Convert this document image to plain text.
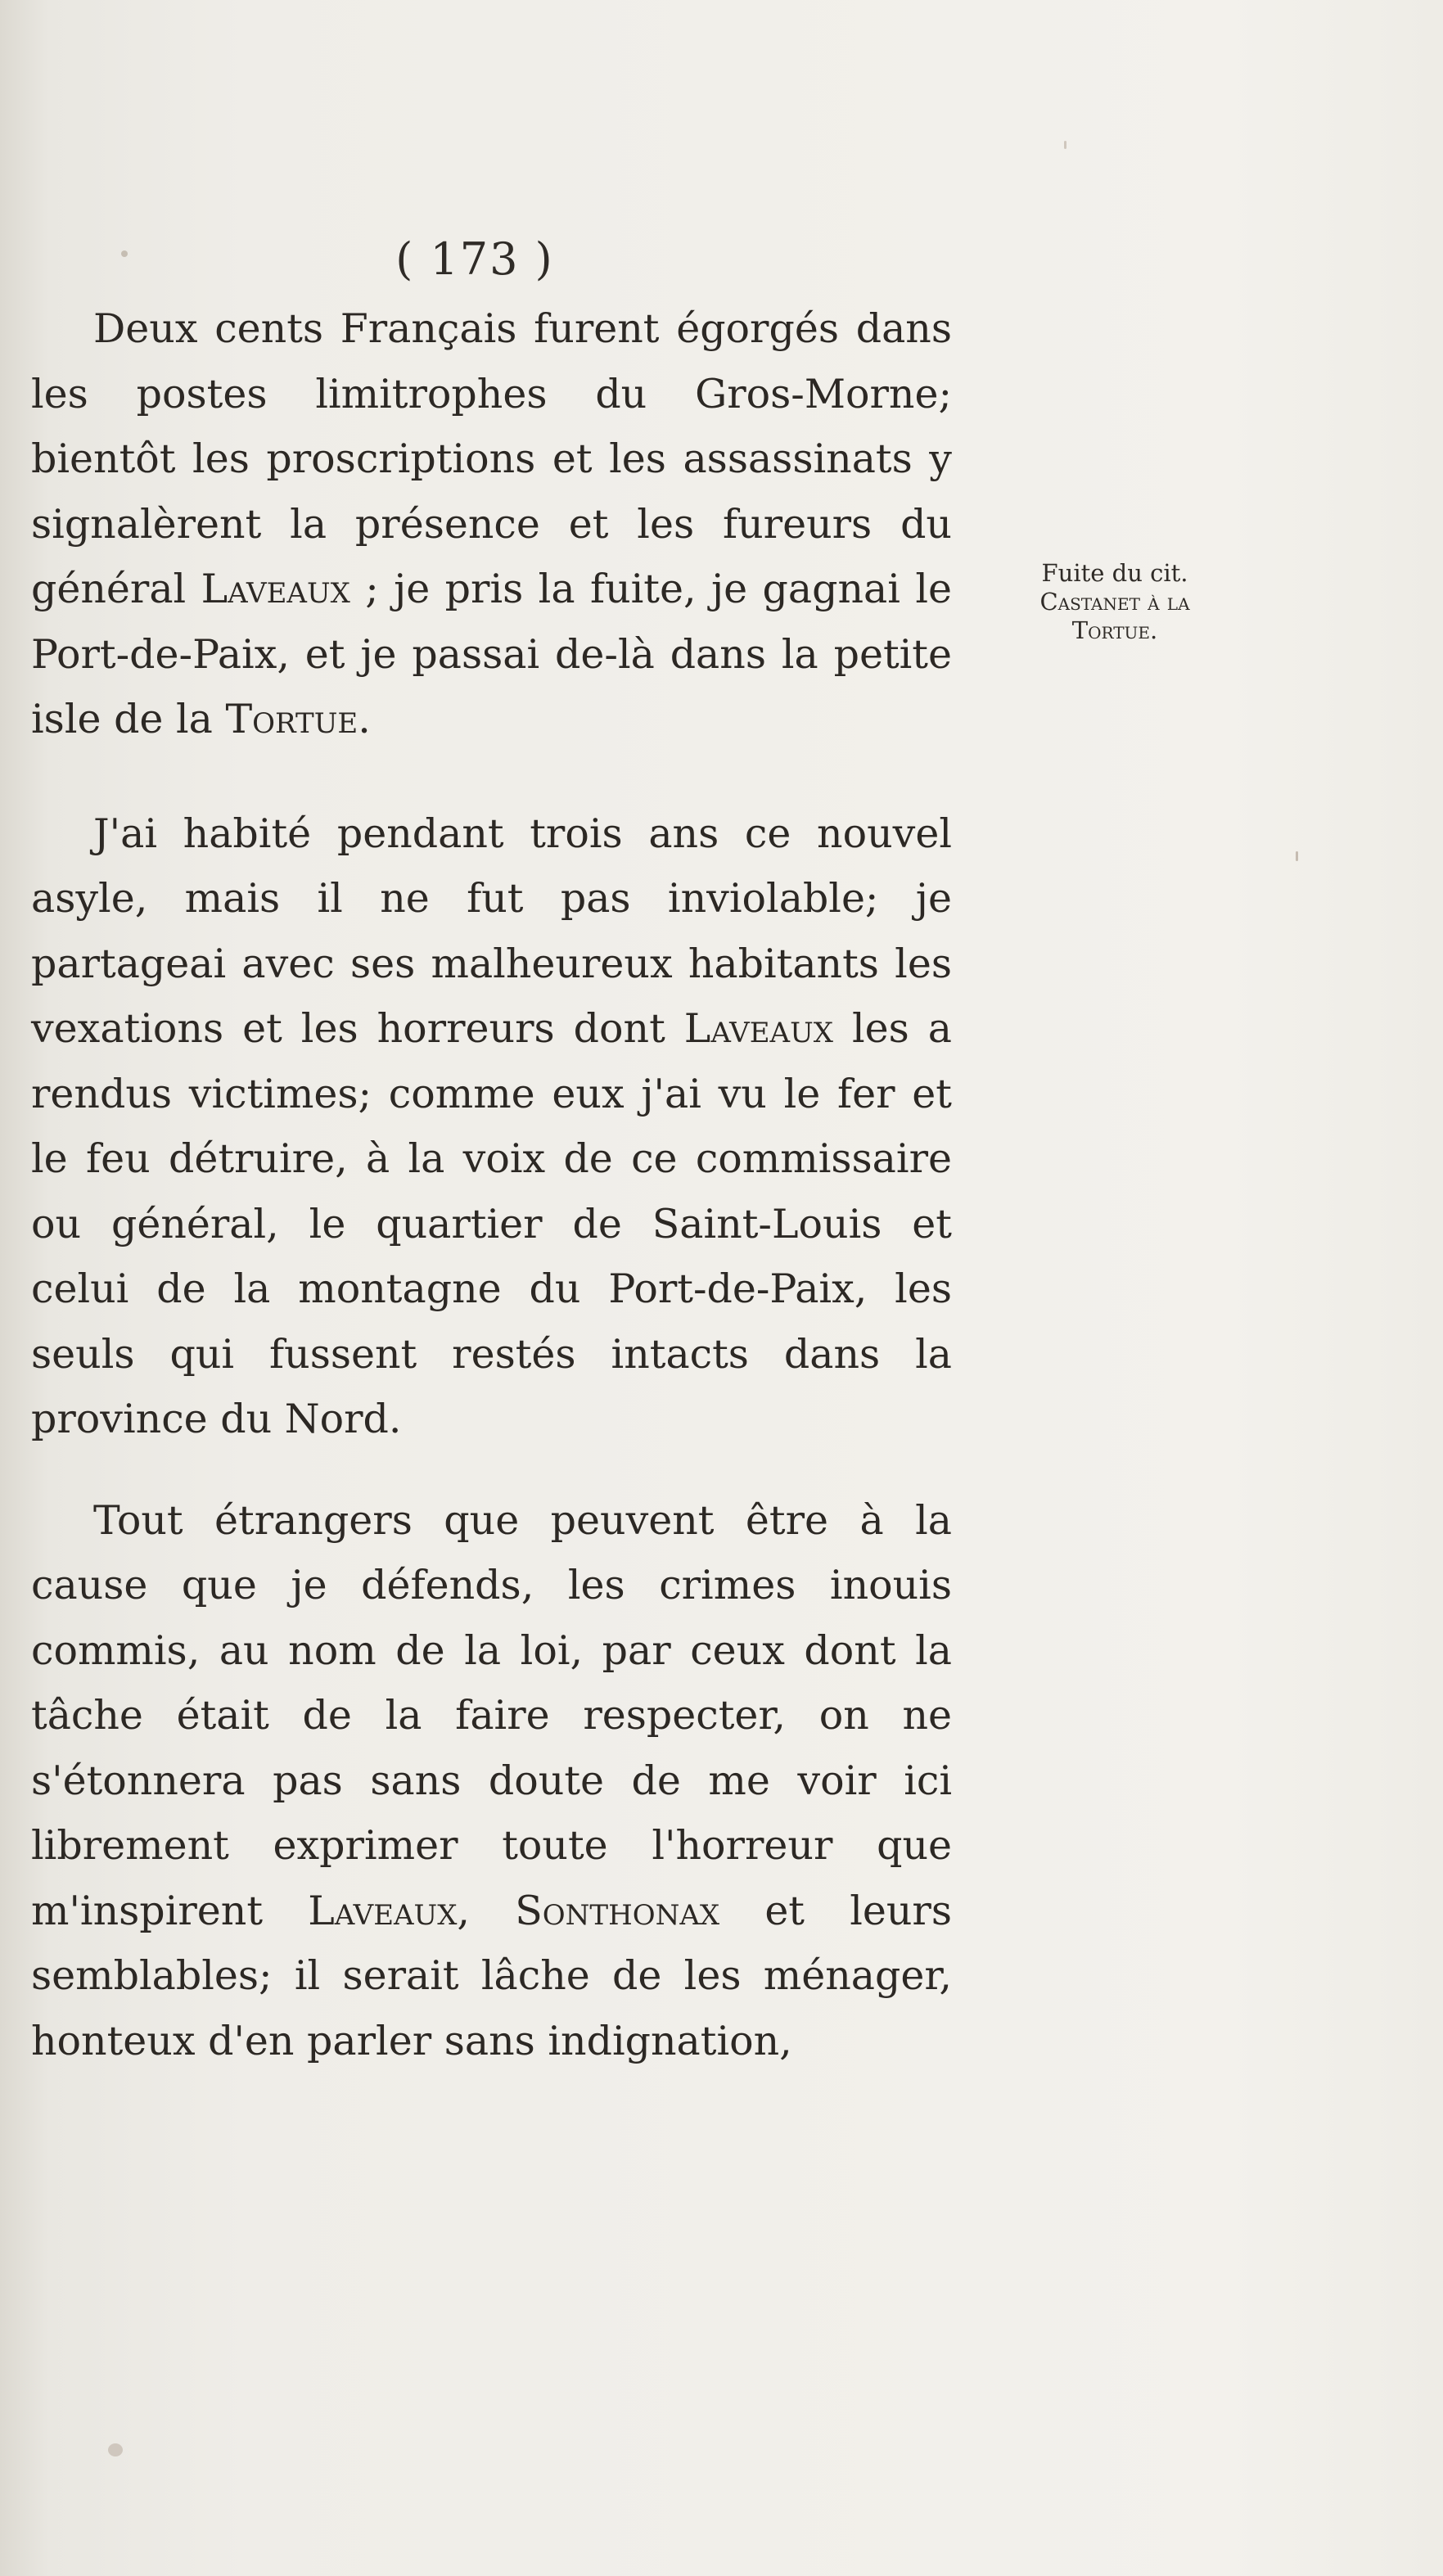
( 173 )
Fuite du cit.
Castanet à la
Tortue.

Deux cents Français furent égorgés dans les postes limitrophes du Gros-Morne; bientôt les proscriptions et les assassinats y signalèrent la présence et les fureurs du général Laveaux ; je pris la fuite, je gagnai le Port-de-Paix, et je passai de-là dans la petite isle de la Tortue.

J'ai habité pendant trois ans ce nouvel asyle, mais il ne fut pas inviolable; je partageai avec ses malheureux habitants les vexations et les horreurs dont Laveaux les a rendus victimes; comme eux j'ai vu le fer et le feu détruire, à la voix de ce commissaire ou général, le quartier de Saint-Louis et celui de la montagne du Port-de-Paix, les seuls qui fussent restés intacts dans la province du Nord.

Tout étrangers que peuvent être à la cause que je défends, les crimes inouis commis, au nom de la loi, par ceux dont la tâche était de la faire respecter, on ne s'étonnera pas sans doute de me voir ici librement exprimer toute l'horreur que m'inspirent Laveaux, Sonthonax et leurs semblables; il serait lâche de les ménager, honteux d'en parler sans indignation,
